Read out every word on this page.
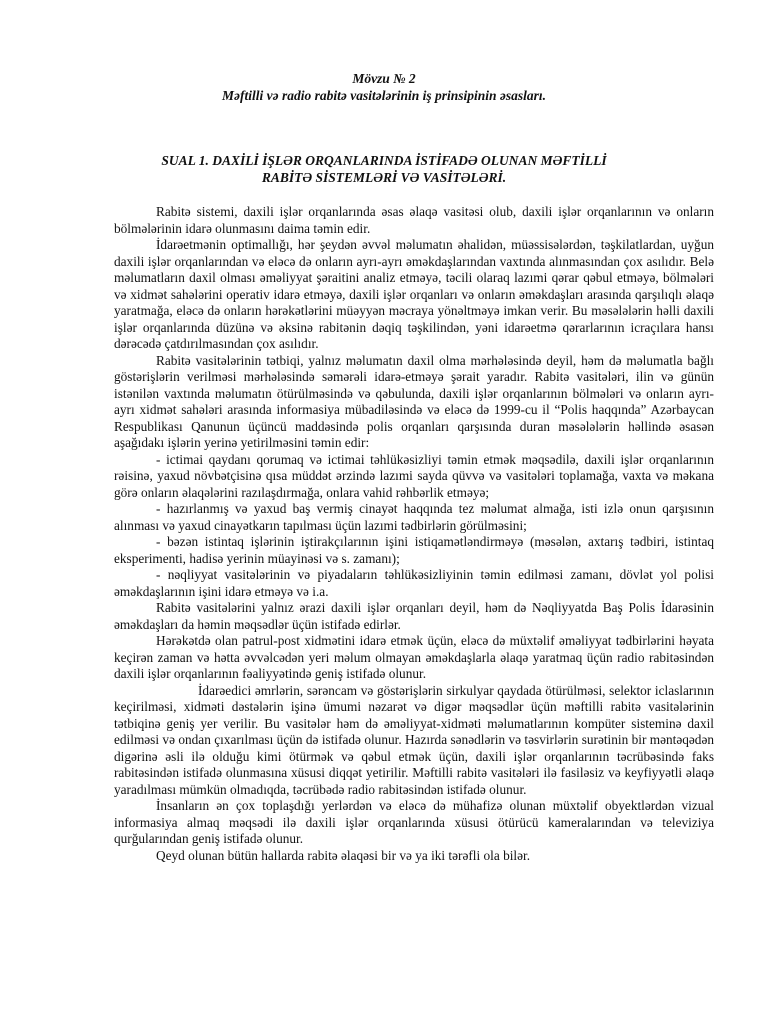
Mövzu № 2
Məftilli və radio rabitə vasitələrinin iş prinsipinin əsasları.
SUAL 1. DAXİLİ İŞLƏR ORQANLARINDA İSTİFADƏ OLUNAN MƏFTİLLİ
RABİTƏ SİSTEMLƏRİ VƏ VASİTƏLƏRİ.

Rabitə sistemi, daxili işlər orqanlarında əsas əlaqə vasitəsi olub, daxili işlər orqanlarının və onların bölmələrinin idarə olunmasını daima təmin edir.

İdarəetmənin optimallığı, hər şeydən əvvəl məlumatın əhalidən, müəssisələrdən, təşkilatlardan, uyğun daxili işlər orqanlarından və eləcə də onların ayrı-ayrı əməkdaşlarından vaxtında alınmasından çox asılıdır. Belə məlumatların daxil olması əməliyyat şəraitini analiz etməyə, təcili olaraq lazımi qərar qəbul etməyə, bölmələri və xidmət sahələrini operativ idarə etməyə, daxili işlər orqanları və onların əməkdaşları arasında qarşılıqlı əlaqə yaratmağa, eləcə də onların hərəkətlərini müəyyən məcraya yönəltməyə imkan verir. Bu məsələlərin həlli daxili işlər orqanlarında düzünə və əksinə rabitənin dəqiq təşkilindən, yəni idarəetmə qərarlarının icraçılara hansı dərəcədə çatdırılmasından çox asılıdır.

Rabitə vasitələrinin tətbiqi, yalnız məlumatın daxil olma mərhələsində deyil, həm də məlumatla bağlı göstərişlərin verilməsi mərhələsində səmərəli idarə-etməyə şərait yaradır. Rabitə vasitələri, ilin və günün istənilən vaxtında məlumatın ötürülməsində və qəbulunda, daxili işlər orqanlarının bölmələri və onların ayrı-ayrı xidmət sahələri arasında informasiya mübadiləsində və eləcə də 1999-cu il “Polis haqqında” Azərbaycan Respublikası Qanunun üçüncü maddəsində polis orqanları qarşısında duran məsələlərin həllində əsasən aşağıdakı işlərin yerinə yetirilməsini təmin edir:

- ictimai qaydanı qorumaq və ictimai təhlükəsizliyi təmin etmək məqsədilə, daxili işlər orqanlarının rəisinə, yaxud növbətçisinə qısa müddət ərzində lazımi sayda qüvvə və vasitələri toplamağa, vaxta və məkana görə onların əlaqələrini razılaşdırmağa, onlara vahid rəhbərlik etməyə;

- hazırlanmış və yaxud baş vermiş cinayət haqqında tez məlumat almağa, isti izlə onun qarşısının alınması və yaxud cinayətkarın tapılması üçün lazımi tədbirlərin görülməsini;

- bəzən istintaq işlərinin iştirakçılarının işini istiqamətləndirməyə (məsələn, axtarış tədbiri, istintaq eksperimenti, hadisə yerinin müayinəsi və s. zamanı);

- nəqliyyat vasitələrinin və piyadaların təhlükəsizliyinin təmin edilməsi zamanı, dövlət yol polisi əməkdaşlarının işini idarə etməyə və i.a.

Rabitə vasitələrini yalnız ərazi daxili işlər orqanları deyil, həm də Nəqliyyatda Baş Polis İdarəsinin əməkdaşları da həmin məqsədlər üçün istifadə edirlər.

Hərəkətdə olan patrul-post xidmətini idarə etmək üçün, eləcə də müxtəlif əməliyyat tədbirlərini həyata keçirən zaman və hətta əvvəlcədən yeri məlum olmayan əməkdaşlarla əlaqə yaratmaq üçün radio rabitəsindən daxili işlər orqanlarının fəaliyyətində geniş istifadə olunur.

İdarəedici əmrlərin, sərəncam və göstərişlərin sirkulyar qaydada ötürülməsi, selektor iclaslarının keçirilməsi, xidməti dəstələrin işinə ümumi nəzarət və digər məqsədlər üçün məftilli rabitə vasitələrinin tətbiqinə geniş yer verilir. Bu vasitələr həm də əməliyyat-xidməti məlumatlarının kompüter sisteminə daxil edilməsi və ondan çıxarılması üçün də istifadə olunur. Hazırda sənədlərin və təsvirlərin surətinin bir məntəqədən digərinə əsli ilə olduğu kimi ötürmək və qəbul etmək üçün, daxili işlər orqanlarının təcrübəsində faks rabitəsindən istifadə olunmasına xüsusi diqqət yetirilir. Məftilli rabitə vasitələri ilə fasiləsiz və keyfiyyətli əlaqə yaradılması mümkün olmadıqda, təcrübədə radio rabitəsindən istifadə olunur.

İnsanların ən çox toplaşdığı yerlərdən və eləcə də mühafizə olunan müxtəlif obyektlərdən vizual informasiya almaq məqsədi ilə daxili işlər orqanlarında xüsusi ötürücü kameralarından və televiziya qurğularından geniş istifadə olunur.

Qeyd olunan bütün hallarda rabitə əlaqəsi bir və ya iki tərəfli ola bilər.
